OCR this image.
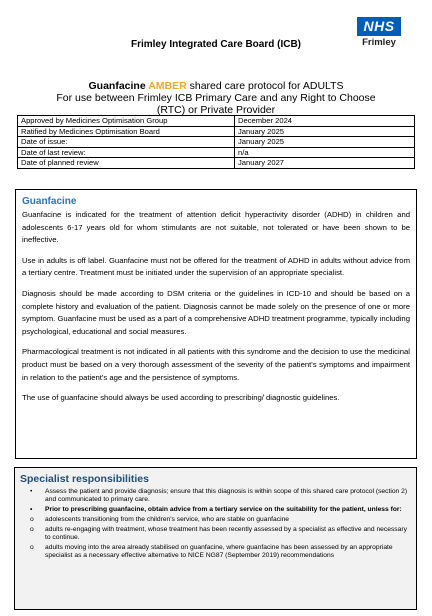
NHS
Frimley
Frimley Integrated Care Board (ICB)
Guanfacine AMBER shared care protocol for ADULTS
For use between Frimley ICB Primary Care and any Right to Choose
(RTC) or Private Provider
Approved by Medicines Optimisation Group	December 2024
Ratified by Medicines Optimisation Board	January 2025
Date of issue:	January 2025
Date of last review:	n/a
Date of planned review	January 2027
Guanfacine
Guanfacine is indicated for the treatment of attention deficit hyperactivity disorder (ADHD) in children and adolescents 6-17 years old for whom stimulants are not suitable, not tolerated or have been shown to be ineffective.
Use in adults is off label. Guanfacine must not be offered for the treatment of ADHD in adults without advice from a tertiary centre. Treatment must be initiated under the supervision of an appropriate specialist.
Diagnosis should be made according to DSM criteria or the guidelines in ICD-10 and should be based on a complete history and evaluation of the patient. Diagnosis cannot be made solely on the presence of one or more symptom. Guanfacine must be used as a part of a comprehensive ADHD treatment programme, typically including psychological, educational and social measures.
Pharmacological treatment is not indicated in all patients with this syndrome and the decision to use the medicinal product must be based on a very thorough assessment of the severity of the patient's symptoms and impairment in relation to the patient's age and the persistence of symptoms.
The use of guanfacine should always be used according to prescribing/ diagnostic guidelines.
Specialist responsibilities
• Assess the patient and provide diagnosis; ensure that this diagnosis is within scope of this shared care protocol (section 2) and communicated to primary care.
• Prior to prescribing guanfacine, obtain advice from a tertiary service on the suitability for the patient, unless for:
o adolescents transitioning from the children's service, who are stable on guanfacine
o adults re-engaging with treatment, whose treatment has been recently assessed by a specialist as effective and necessary to continue.
o adults moving into the area already stabilised on guanfacine, where guanfacine has been assessed by an appropriate specialist as a necessary effective alternative to NICE NG87 (September 2019) recommendations
